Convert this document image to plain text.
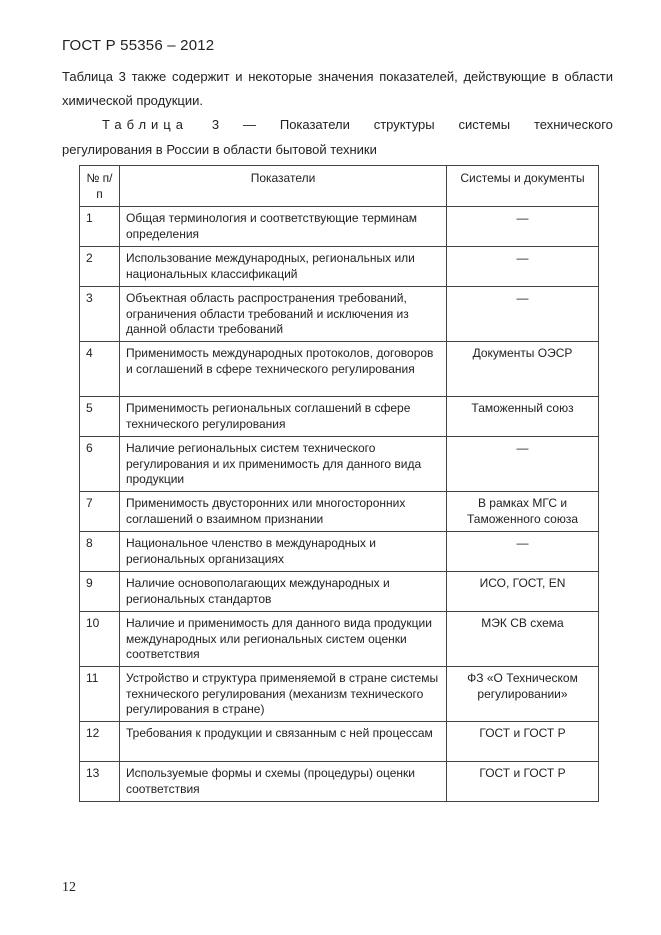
ГОСТ Р 55356 – 2012
Таблица 3 также содержит и некоторые значения показателей, действующие в области химической продукции.
Таблица 3 — Показатели структуры системы технического
регулирования в России в области бытовой техники
№ п/п	Показатели	Системы и документы
1	Общая терминология и соответствующие терминам определения	—
2	Использование международных, региональных или национальных классификаций	—
3	Объектная область распространения требований, ограничения области требований и исключения из данной области требований	—
4	Применимость международных протоколов, договоров и соглашений в сфере технического регулирования	Документы ОЭСР
5	Применимость региональных соглашений в сфере технического регулирования	Таможенный союз
6	Наличие региональных систем технического регулирования и их применимость для данного вида продукции	—
7	Применимость двусторонних или многосторонних соглашений о взаимном признании	В рамках МГС и Таможенного союза
8	Национальное членство в международных и региональных организациях	—
9	Наличие основополагающих международных и региональных стандартов	ИСО, ГОСТ, EN
10	Наличие и применимость для данного вида продукции международных или региональных систем оценки соответствия	МЭК СВ схема
11	Устройство и структура применяемой в стране системы технического регулирования (механизм технического регулирования в стране)	ФЗ «О Техническом регулировании»
12	Требования к продукции и связанным с ней процессам	ГОСТ и ГОСТ Р
13	Используемые формы и схемы (процедуры) оценки соответствия	ГОСТ и ГОСТ Р
12
